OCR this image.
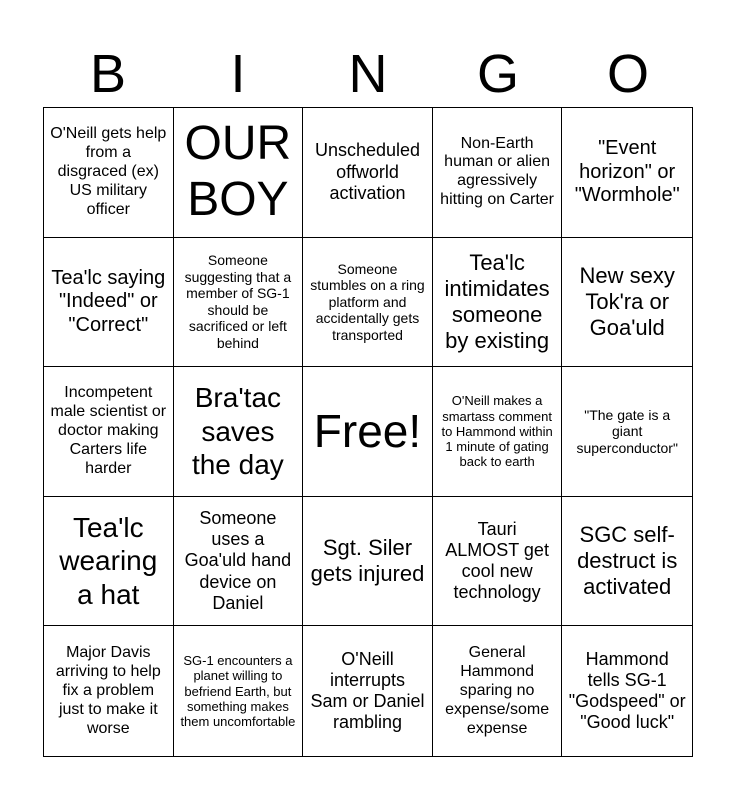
B	I	N	G	O
O'Neill gets help from a disgraced (ex) US military officer
OUR BOY
Unscheduled offworld activation
Non-Earth human or alien agressively hitting on Carter
"Event horizon" or "Wormhole"
Tea'lc saying "Indeed" or "Correct"
Someone suggesting that a member of SG-1 should be sacrificed or left behind
Someone stumbles on a ring platform and accidentally gets transported
Tea'lc intimidates someone by existing
New sexy Tok'ra or Goa'uld
Incompetent male scientist or doctor making Carters life harder
Bra'tac saves the day
Free!
O'Neill makes a smartass comment to Hammond within 1 minute of gating back to earth
"The gate is a giant superconductor"
Tea'lc wearing a hat
Someone uses a Goa'uld hand device on Daniel
Sgt. Siler gets injured
Tauri ALMOST get cool new technology
SGC self-destruct is activated
Major Davis arriving to help fix a problem just to make it worse
SG-1 encounters a planet willing to befriend Earth, but something makes them uncomfortable
O'Neill interrupts Sam or Daniel rambling
General Hammond sparing no expense/some expense
Hammond tells SG-1 "Godspeed" or "Good luck"
